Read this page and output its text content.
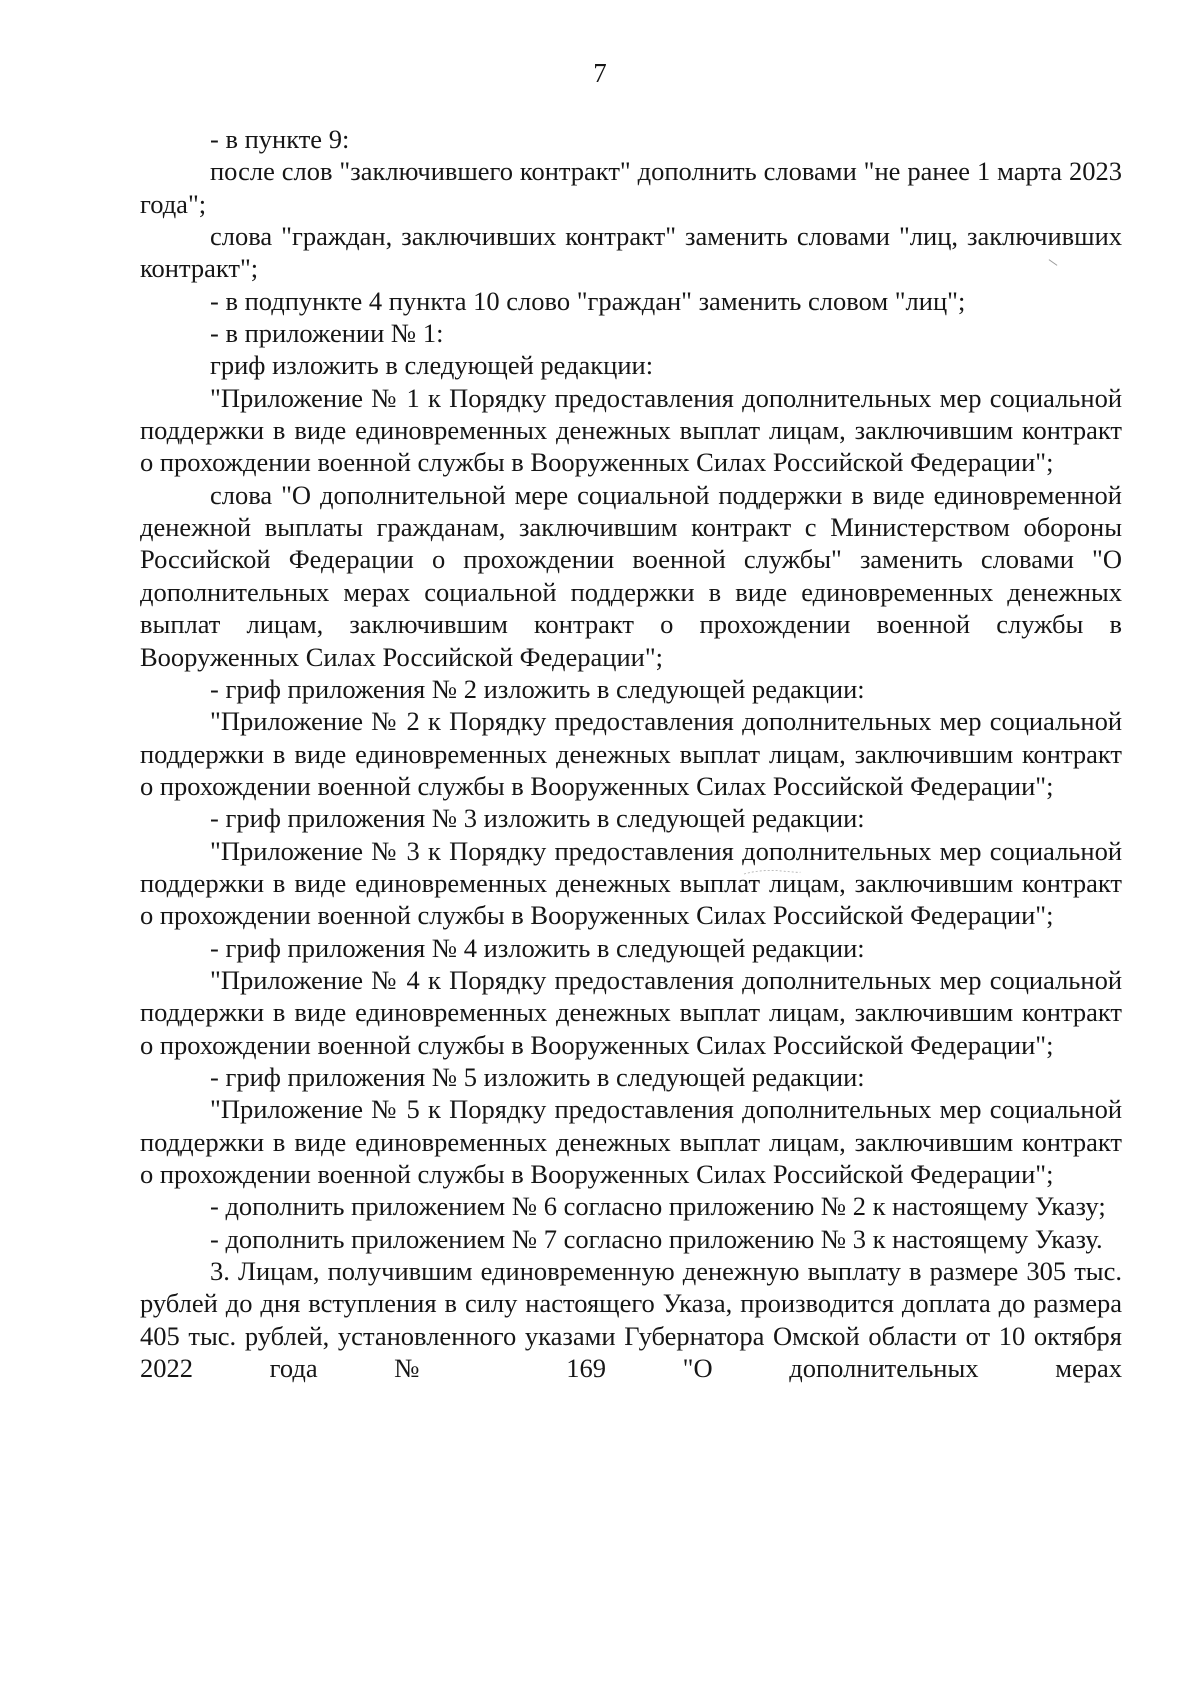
7

- в пункте 9:

после слов "заключившего контракт" дополнить словами "не ранее 1 марта 2023 года";

слова "граждан, заключивших контракт" заменить словами "лиц, заключивших контракт";

- в подпункте 4 пункта 10 слово "граждан" заменить словом "лиц";

- в приложении № 1:

гриф изложить в следующей редакции:

"Приложение № 1 к Порядку предоставления дополнительных мер социальной поддержки в виде единовременных денежных выплат лицам, заключившим контракт о прохождении военной службы в Вооруженных Силах Российской Федерации";

слова "О дополнительной мере социальной поддержки в виде единовременной денежной выплаты гражданам, заключившим контракт с Министерством обороны Российской Федерации о прохождении военной службы" заменить словами "О дополнительных мерах социальной поддержки в виде единовременных денежных выплат лицам, заключившим контракт о прохождении военной службы в Вооруженных Силах Российской Федерации";

- гриф приложения № 2 изложить в следующей редакции:

"Приложение № 2 к Порядку предоставления дополнительных мер социальной поддержки в виде единовременных денежных выплат лицам, заключившим контракт о прохождении военной службы в Вооруженных Силах Российской Федерации";

- гриф приложения № 3 изложить в следующей редакции:

"Приложение № 3 к Порядку предоставления дополнительных мер социальной поддержки в виде единовременных денежных выплат лицам, заключившим контракт о прохождении военной службы в Вооруженных Силах Российской Федерации";

- гриф приложения № 4 изложить в следующей редакции:

"Приложение № 4 к Порядку предоставления дополнительных мер социальной поддержки в виде единовременных денежных выплат лицам, заключившим контракт о прохождении военной службы в Вооруженных Силах Российской Федерации";

- гриф приложения № 5 изложить в следующей редакции:

"Приложение № 5 к Порядку предоставления дополнительных мер социальной поддержки в виде единовременных денежных выплат лицам, заключившим контракт о прохождении военной службы в Вооруженных Силах Российской Федерации";

- дополнить приложением № 6 согласно приложению № 2 к настоящему Указу;

- дополнить приложением № 7 согласно приложению № 3 к настоящему Указу.

3. Лицам, получившим единовременную денежную выплату в размере 305 тыс. рублей до дня вступления в силу настоящего Указа, производится доплата до размера 405 тыс. рублей, установленного указами Губернатора Омской области от 10 октября 2022 года № 169 "О дополнительных мерах
